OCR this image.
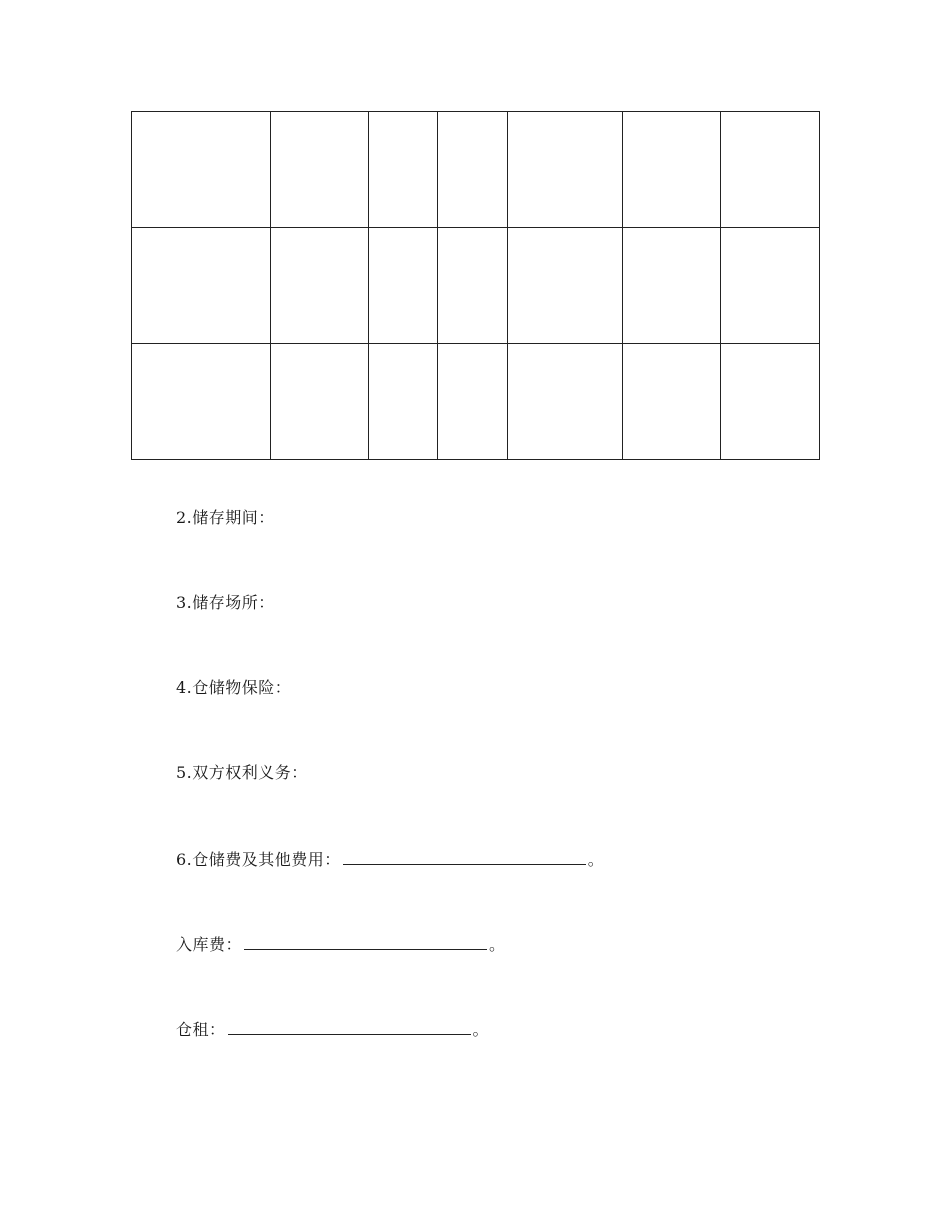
2.储存期间：
3.储存场所：
4.仓储物保险：
5.双方权利义务：
6.仓储费及其他费用：	。
入库费：	。
仓租：	。
